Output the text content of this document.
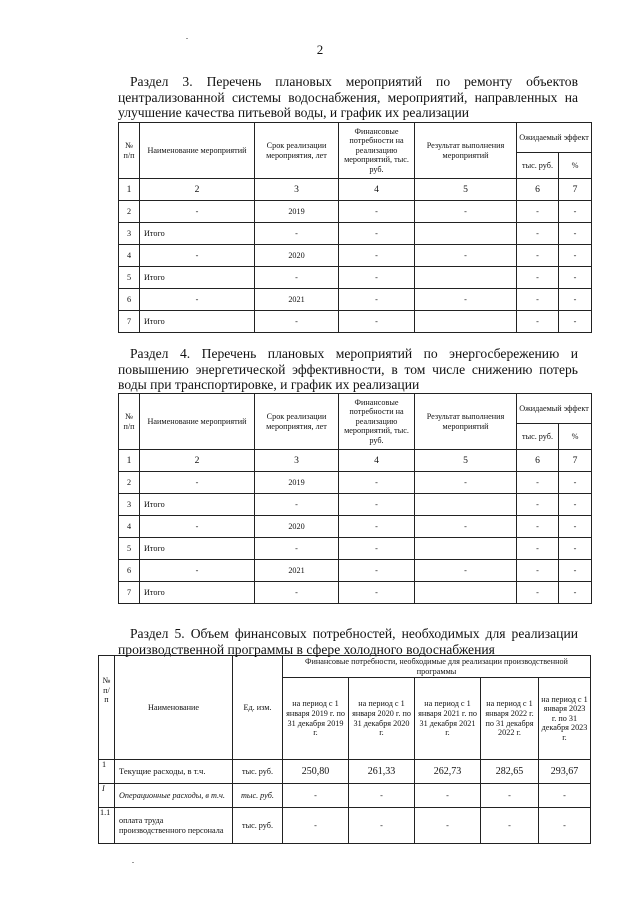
2
Раздел 3. Перечень плановых мероприятий по ремонту объектов централизованной системы водоснабжения, мероприятий, направленных на улучшение качества питьевой воды, и график их реализации
№ п/п	Наименование мероприятий	Срок реализации мероприятия, лет	Финансовые потребности на реализацию мероприятий, тыс. руб.	Результат выполнения мероприятий	Ожидаемый эффект	
					тыс. руб.	%
1	2	3	4	5	6	7
2	-	2019	-	-	-	-
3	Итого	-	-		-	-
4	-	2020	-	-	-	-
5	Итого	-	-		-	-
6	-	2021	-	-	-	-
7	Итого	-	-		-	-
Раздел 4. Перечень плановых мероприятий по энергосбережению и повышению энергетической эффективности, в том числе снижению потерь воды при транспортировке, и график их реализации
№ п/п	Наименование мероприятий	Срок реализации мероприятия, лет	Финансовые потребности на реализацию мероприятий, тыс. руб.	Результат выполнения мероприятий	Ожидаемый эффект	
					тыс. руб.	%
1	2	3	4	5	6	7
2	-	2019	-	-	-	-
3	Итого	-	-		-	-
4	-	2020	-	-	-	-
5	Итого	-	-		-	-
6	-	2021	-	-	-	-
7	Итого	-	-		-	-
Раздел 5. Объем финансовых потребностей, необходимых для реализации производственной программы в сфере холодного водоснабжения
№ п/п	Наименование	Ед. изм.	Финансовые потребности, необходимые для реализации производственной программы				
			на период с 1 января 2019 г. по 31 декабря 2019 г.	на период с 1 января 2020 г. по 31 декабря 2020 г.	на период с 1 января 2021 г. по 31 декабря 2021 г.	на период с 1 января 2022 г. по 31 декабря 2022 г.	на период с 1 января 2023 г. по 31 декабря 2023 г.
1	Текущие расходы, в т.ч.	тыс. руб.	250,80	261,33	262,73	282,65	293,67
I	Операционные расходы, в т.ч.	тыс. руб.	-	-	-	-	-
1.1	оплата труда производственного персонала	тыс. руб.	-	-	-	-	-
